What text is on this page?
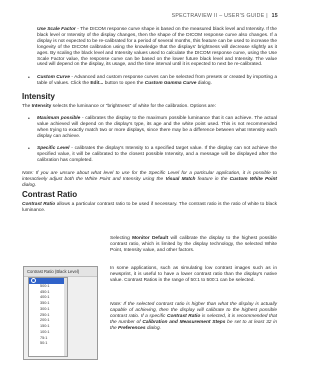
SPECTRAVIEW II – USER'S GUIDE | 15

Use Scale Factor - The DICOM response curve shape is based on the measured black level and Intensity. If the black level or Intensity of the display changes, then the shape of the DICOM response curve also changes. If a display is not expected to be re-calibrated for a period of several months, this feature can be used to increase the longevity of the DICOM calibration using the knowledge that the displays' brightness will decrease slightly as it ages. By scaling the black level and Intensity values used to calculate the DICOM response curve, using the Use Scale Factor value, the response curve can be based on the lower future black level and Intensity. The value used will depend on the display, its usage, and the time interval until it is expected to next be re-calibrated.

• Custom Curve - Advanced and custom response curves can be selected from presets or created by importing a table of values. Click the Edit... button to open the Custom Gamma Curve dialog.

Intensity

The Intensity selects the luminance or "brightness" of white for the calibration. Options are:

• Maximum possible - calibrates the display to the maximum possible luminance that it can achieve. The actual value achieved will depend on the display's type, its age and the white point used. This is not recommended when trying to exactly match two or more displays, since there may be a difference between what Intensity each display can achieve.

• Specific Level - calibrates the display's Intensity to a specified target value. If the display can not achieve the specified value, it will be calibrated to the closest possible Intensity, and a message will be displayed after the calibration has completed.

Note: If you are unsure about what level to use for the Specific Level for a particular application, it is possible to interactively adjust both the White Point and Intensity using the Visual Match feature in the Custom White Point dialog.

Contrast Ratio

Contrast Ratio allows a particular contrast ratio to be used if necessary. The contrast ratio is the ratio of white to black luminance.

Contrast Ratio (Black Level)
500:1
450:1
400:1
350:1
300:1
250:1
200:1
150:1
100:1
75:1
50:1

Selecting Monitor Default will calibrate the display to the highest possible contrast ratio, which is limited by the display technology, the selected White Point, Intensity value, and other factors.

In some applications, such as simulating low contrast images such as in newsprint, it is useful to have a lower contrast ratio than the display's native value. Contrast Ratios in the range of 50:1 to 500:1 can be selected.

Note: If the selected contrast ratio is higher than what the display is actually capable of achieving, then the display will calibrate to the highest possible contrast ratio. If a specific Contrast Ratio is selected, it is recommended that the number of Calibration and Measurement Steps be set to at least 32 in the Preferences dialog.
